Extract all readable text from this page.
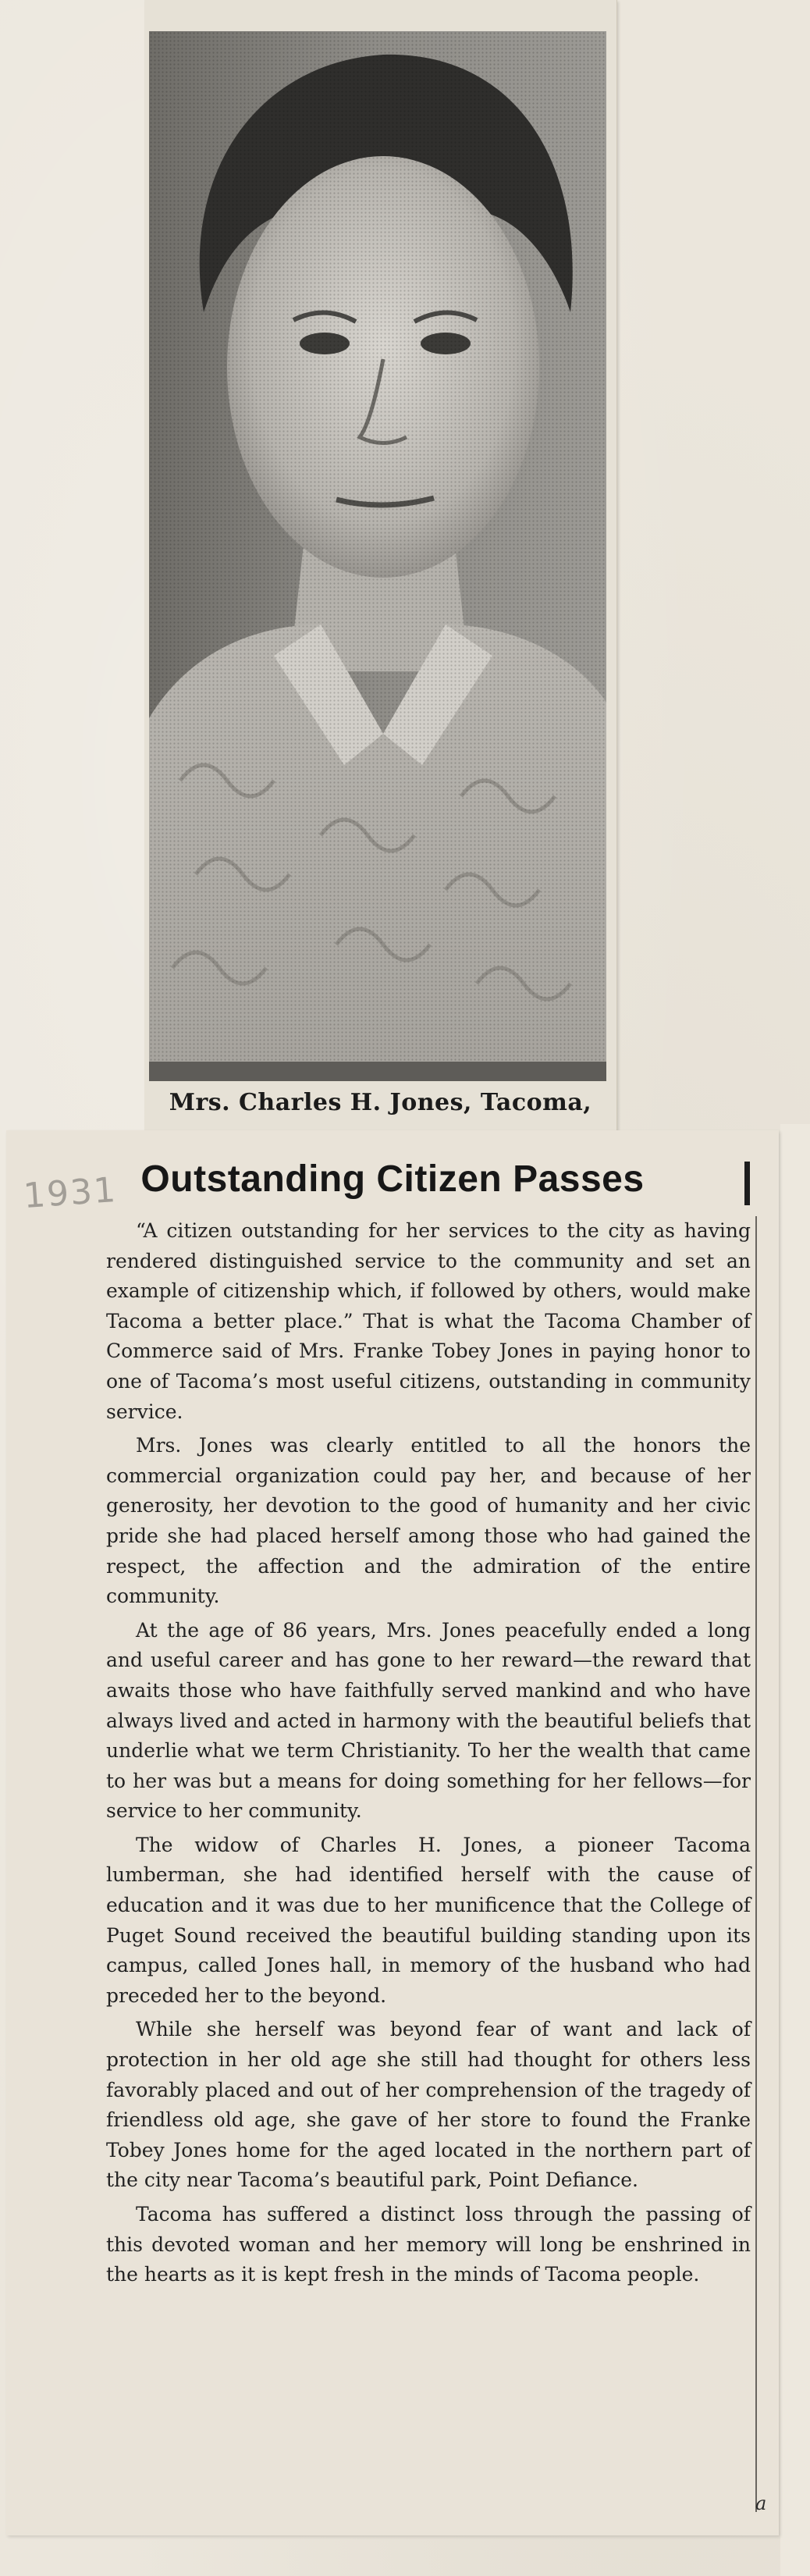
Mrs. Charles H. Jones, Tacoma,
1931 Outstanding Citizen Passes

“A citizen outstanding for her services to the city as having rendered distinguished service to the community and set an example of citizenship which, if followed by others, would make Tacoma a better place.” That is what the Tacoma Chamber of Commerce said of Mrs. Franke Tobey Jones in paying honor to one of Tacoma’s most useful citizens, outstanding in community service.

Mrs. Jones was clearly entitled to all the honors the commercial organization could pay her, and because of her generosity, her devotion to the good of humanity and her civic pride she had placed herself among those who had gained the respect, the affection and the admiration of the entire community.

At the age of 86 years, Mrs. Jones peacefully ended a long and useful career and has gone to her reward—the reward that awaits those who have faithfully served mankind and who have always lived and acted in harmony with the beautiful beliefs that underlie what we term Christianity. To her the wealth that came to her was but a means for doing something for her fellows—for service to her community.

The widow of Charles H. Jones, a pioneer Tacoma lumberman, she had identified herself with the cause of education and it was due to her munificence that the College of Puget Sound received the beautiful building standing upon its campus, called Jones hall, in memory of the husband who had preceded her to the beyond.

While she herself was beyond fear of want and lack of protection in her old age she still had thought for others less favorably placed and out of her comprehension of the tragedy of friendless old age, she gave of her store to found the Franke Tobey Jones home for the aged located in the northern part of the city near Tacoma’s beautiful park, Point Defiance.

Tacoma has suffered a distinct loss through the passing of this devoted woman and her memory will long be enshrined in the hearts as it is kept fresh in the minds of Tacoma people.

a
